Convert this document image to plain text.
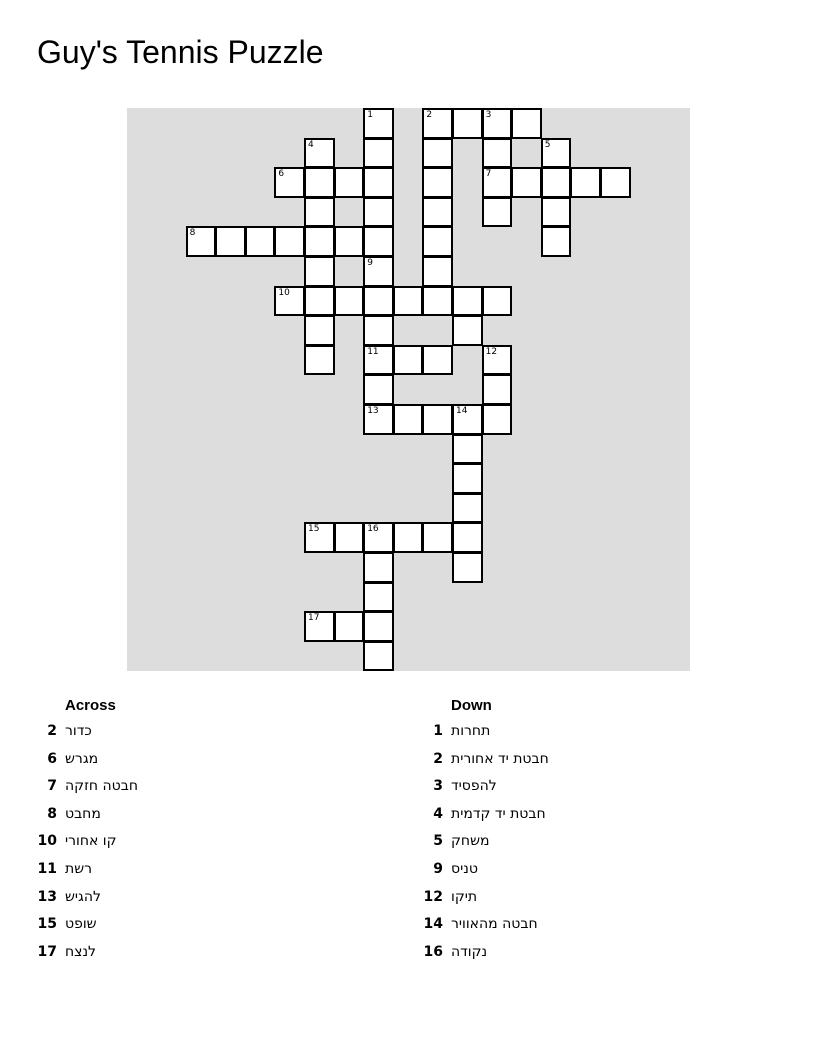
Guy's Tennis Puzzle
1	2	3
4	5
6	7
8
9
10
11	12
13	14
15	16
17
Across
2 כדור
6 מגרש
7 חבטה חזקה
8 מחבט
10 קו אחורי
11 רשת
13 להגיש
15 שופט
17 לנצח
Down
1 תחרות
2 חבטת יד אחורית
3 להפסיד
4 חבטת יד קדמית
5 משחק
9 טניס
12 תיקו
14 חבטה מהאוויר
16 נקודה
